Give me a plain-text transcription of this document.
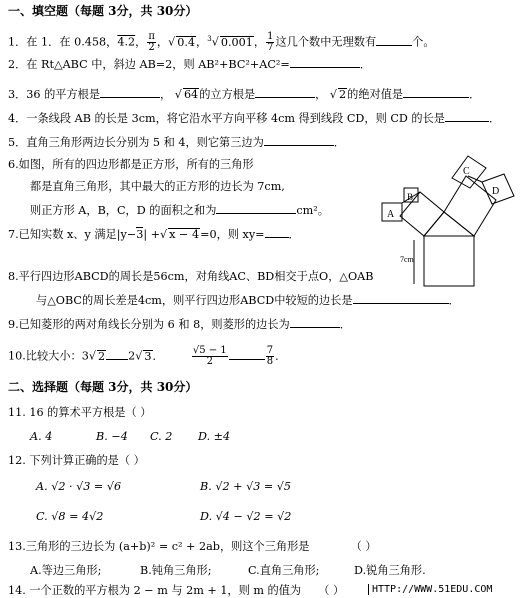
一、填空题（每题 3分，共 30分）
1．在 1．在 0.458，4.2， $\frac{\pi}{2}$ ，√ 0.4，$^3$√ 0.001， $\frac{1}{7}$ 这几个数中无理数有	个。
2．在 Rt△ABC 中，斜边 AB=2，则 AB²+BC²+AC²=	．
3．36 的平方根是	， √ 64的立方根是	， √ 2的绝对值是	．
4．一条线段 AB 的长是 3cm，将它沿水平方向平移 4cm 得到线段 CD，则 CD 的长是	．
5．直角三角形两边长分别为 5 和 4，则它第三边为	．
6.如图，所有的四边形都是正方形，所有的三角形
都是直角三角形，其中最大的正方形的边长为 7cm,
则正方形 A，B，C，D 的面积之和为	cm²。	A
B
C
D
7cm
7.已知实数 x、y 满足|y−3| +√ x − 4=0，则 xy= ．
8.平行四边形ABCD的周长是56cm，对角线AC、BD相交于点O，△OAB
与△OBC的周长差是4cm，则平行四边形ABCD中较短的边长是	．
9.已知菱形的两对角线长分别为 6 和 8，则菱形的边长为	．
10.比较大小：3√ 2 2√ 3．	$\frac{√5 - 1}{2}$	$\frac{7}{8}$ ．
二、选择题（每题 3分，共 30分）
11. 16 的算术平方根是（ ）
A. 4	B. −4 C. 2 D. ±4
12. 下列计算正确的是（ ）
A. √2 · √3 = √6	B. √2 + √3 = √5
C. √8 = 4√2	D. √4 − √2 = √2
13.三角形的三边长为 (a+b)² = c² + 2ab，则这个三角形是	（ ）
A.等边三角形;	B.钝角三角形;	C.直角三角形;	D.锐角三角形.
14. 一个正数的平方根为 2 − m 与 2m + 1，则 m 的值为 （ ）	HTTP://WWW.51EDU.COM
